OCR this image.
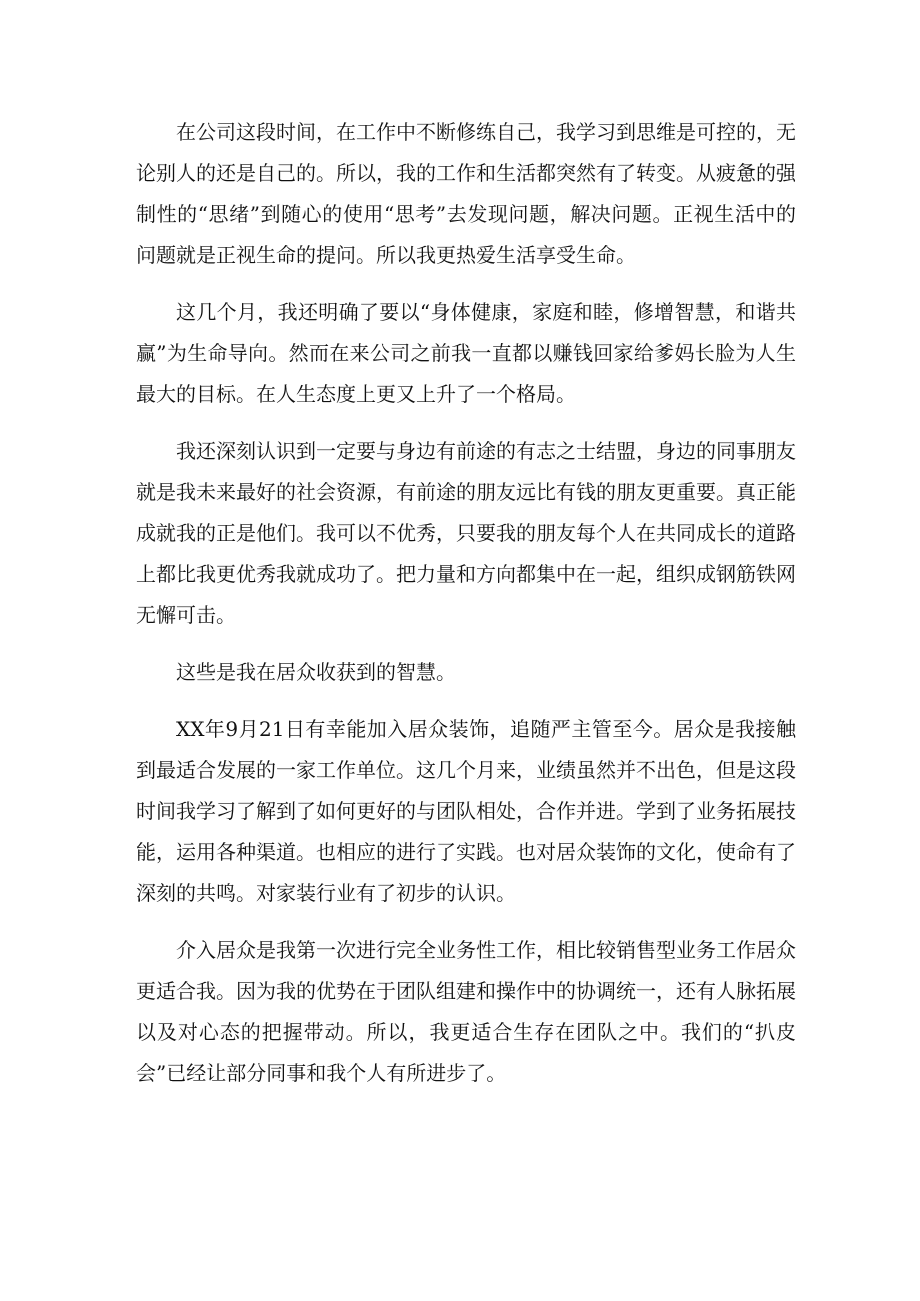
在公司这段时间，在工作中不断修练自己，我学习到思维是可控的，无论别人的还是自己的。所以，我的工作和生活都突然有了转变。从疲惫的强制性的“思绪”到随心的使用“思考”去发现问题，解决问题。正视生活中的问题就是正视生命的提问。所以我更热爱生活享受生命。

这几个月，我还明确了要以“身体健康，家庭和睦，修增智慧，和谐共赢”为生命导向。然而在来公司之前我一直都以赚钱回家给爹妈长脸为人生最大的目标。在人生态度上更又上升了一个格局。

我还深刻认识到一定要与身边有前途的有志之士结盟，身边的同事朋友就是我未来最好的社会资源，有前途的朋友远比有钱的朋友更重要。真正能成就我的正是他们。我可以不优秀，只要我的朋友每个人在共同成长的道路上都比我更优秀我就成功了。把力量和方向都集中在一起，组织成钢筋铁网无懈可击。

这些是我在居众收获到的智慧。

XX年9月21日有幸能加入居众装饰，追随严主管至今。居众是我接触到最适合发展的一家工作单位。这几个月来，业绩虽然并不出色，但是这段时间我学习了解到了如何更好的与团队相处，合作并进。学到了业务拓展技能，运用各种渠道。也相应的进行了实践。也对居众装饰的文化，使命有了深刻的共鸣。对家装行业有了初步的认识。

介入居众是我第一次进行完全业务性工作，相比较销售型业务工作居众更适合我。因为我的优势在于团队组建和操作中的协调统一，还有人脉拓展以及对心态的把握带动。所以，我更适合生存在团队之中。我们的“扒皮会”已经让部分同事和我个人有所进步了。
